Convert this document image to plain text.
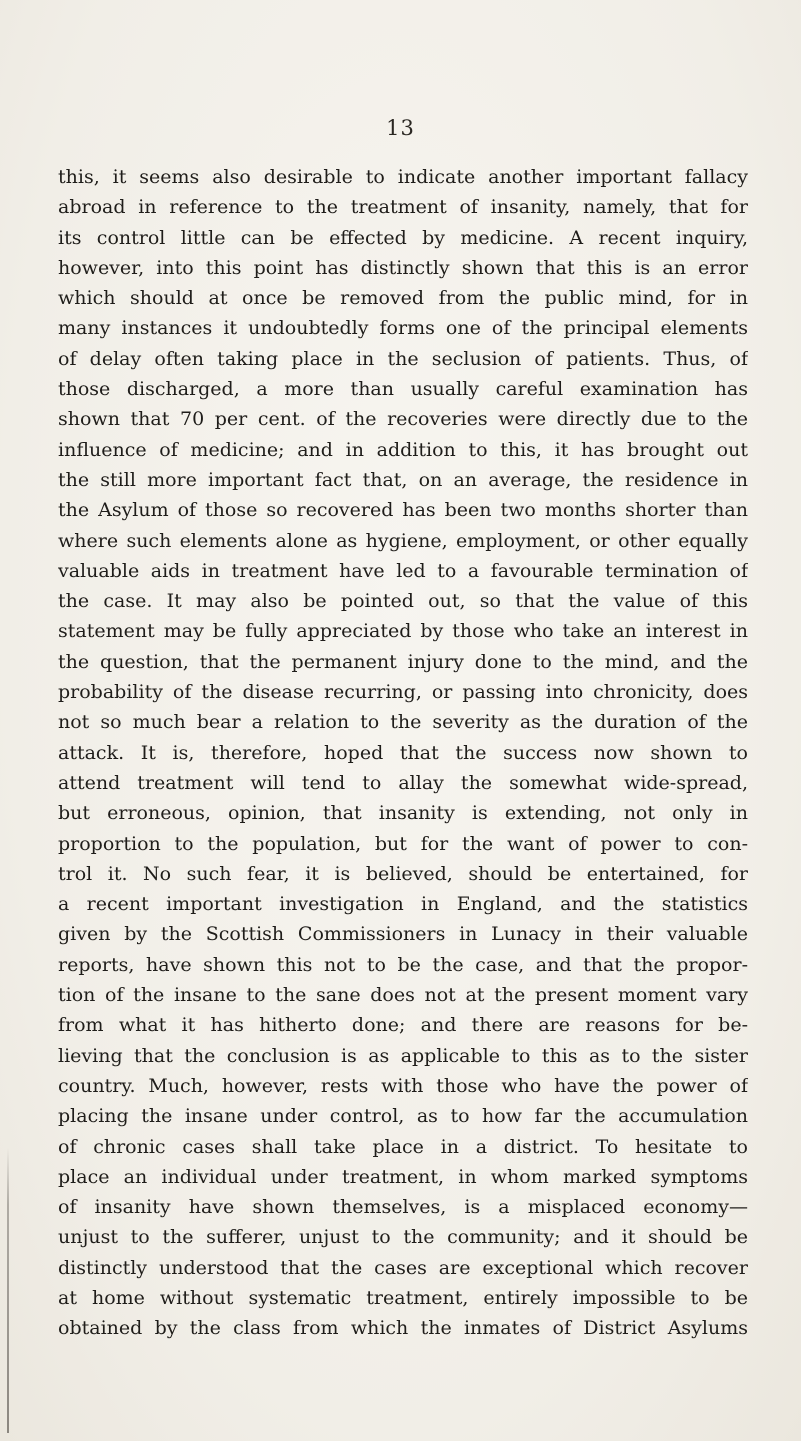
13
this, it seems also desirable to indicate another important fallacy
abroad in reference to the treatment of insanity, namely, that for
its control little can be effected by medicine. A recent inquiry,
however, into this point has distinctly shown that this is an error
which should at once be removed from the public mind, for in
many instances it undoubtedly forms one of the principal elements
of delay often taking place in the seclusion of patients. Thus, of
those discharged, a more than usually careful examination has
shown that 70 per cent. of the recoveries were directly due to the
influence of medicine; and in addition to this, it has brought out
the still more important fact that, on an average, the residence in
the Asylum of those so recovered has been two months shorter than
where such elements alone as hygiene, employment, or other equally
valuable aids in treatment have led to a favourable termination of
the case. It may also be pointed out, so that the value of this
statement may be fully appreciated by those who take an interest in
the question, that the permanent injury done to the mind, and the
probability of the disease recurring, or passing into chronicity, does
not so much bear a relation to the severity as the duration of the
attack. It is, therefore, hoped that the success now shown to
attend treatment will tend to allay the somewhat wide-spread,
but erroneous, opinion, that insanity is extending, not only in
proportion to the population, but for the want of power to con-
trol it. No such fear, it is believed, should be entertained, for
a recent important investigation in England, and the statistics
given by the Scottish Commissioners in Lunacy in their valuable
reports, have shown this not to be the case, and that the propor-
tion of the insane to the sane does not at the present moment vary
from what it has hitherto done; and there are reasons for be-
lieving that the conclusion is as applicable to this as to the sister
country. Much, however, rests with those who have the power of
placing the insane under control, as to how far the accumulation
of chronic cases shall take place in a district. To hesitate to
place an individual under treatment, in whom marked symptoms
of insanity have shown themselves, is a misplaced economy—
unjust to the sufferer, unjust to the community; and it should be
distinctly understood that the cases are exceptional which recover
at home without systematic treatment, entirely impossible to be
obtained by the class from which the inmates of District Asylums
